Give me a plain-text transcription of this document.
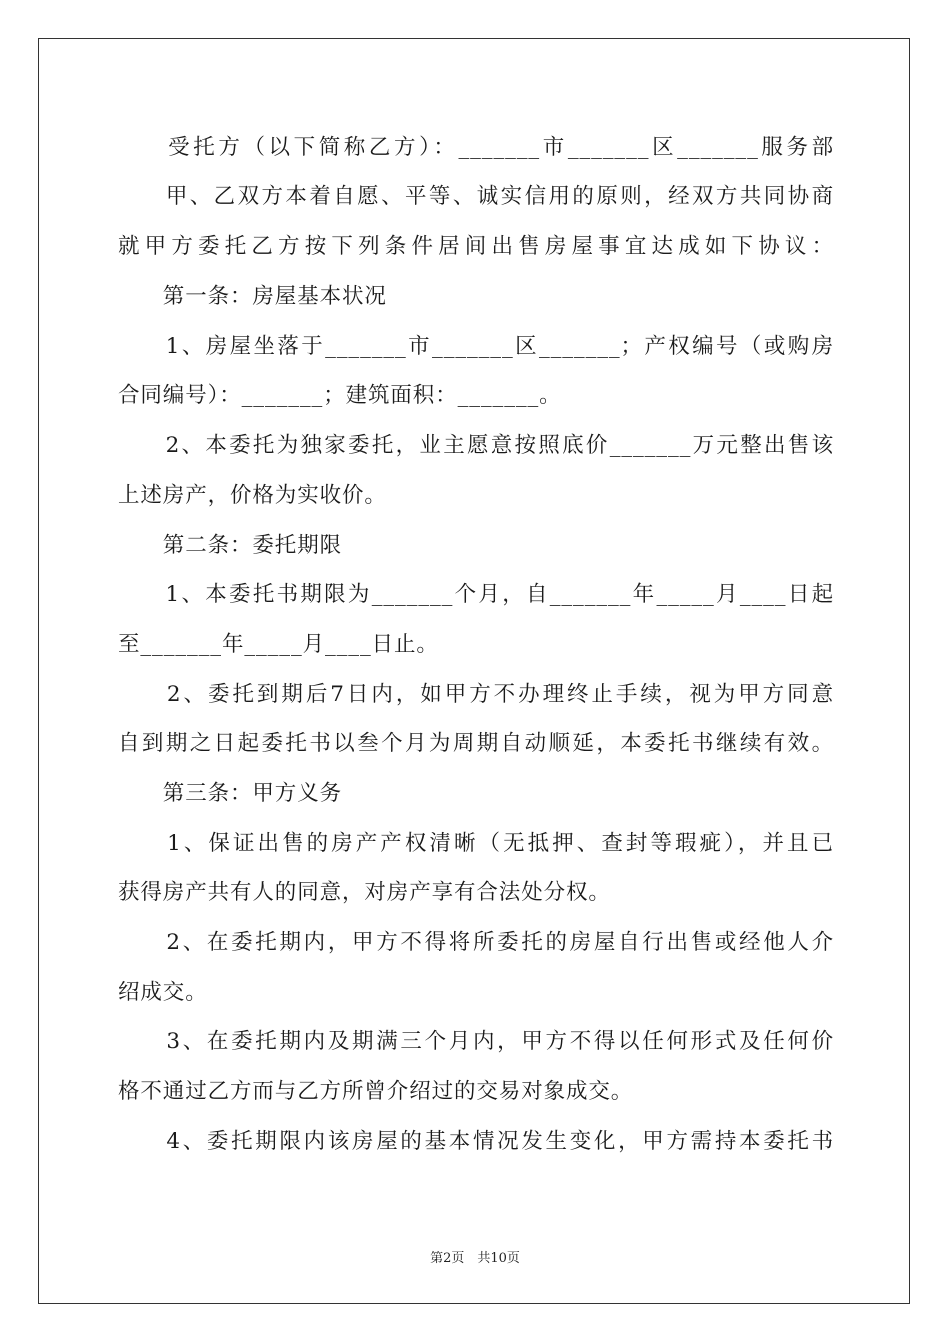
　　受托方（以下简称乙方）：_______市_______区_______服务部
　　甲、乙双方本着自愿、平等、诚实信用的原则，经双方共同协商
就甲方委托乙方按下列条件居间出售房屋事宜达成如下协议：
　　第一条：房屋基本状况
　　1、房屋坐落于_______市_______区_______；产权编号（或购房
合同编号）：_______；建筑面积：_______。
　　2、本委托为独家委托，业主愿意按照底价_______万元整出售该
上述房产，价格为实收价。
　　第二条：委托期限
　　1、本委托书期限为_______个月，自_______年_____月____日起
至_______年_____月____日止。
　　2、委托到期后7日内，如甲方不办理终止手续，视为甲方同意
自到期之日起委托书以叁个月为周期自动顺延，本委托书继续有效。
　　第三条：甲方义务
　　1、保证出售的房产产权清晰（无抵押、查封等瑕疵），并且已
获得房产共有人的同意，对房产享有合法处分权。
　　2、在委托期内，甲方不得将所委托的房屋自行出售或经他人介
绍成交。
　　3、在委托期内及期满三个月内，甲方不得以任何形式及任何价
格不通过乙方而与乙方所曾介绍过的交易对象成交。
　　4、委托期限内该房屋的基本情况发生变化，甲方需持本委托书
第2页　共10页
